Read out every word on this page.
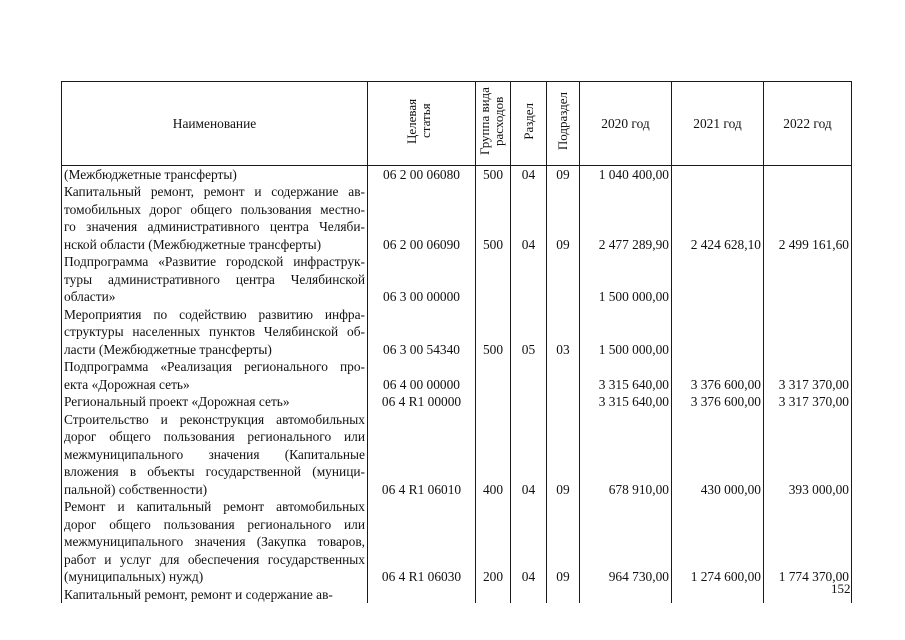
Наименование	Целевая статья	Группа вида расходов	Раздел	Подраздел	2020 год	2021 год	2022 год

(Межбюджетные трансферты)	06 2 00 06080	500	04	09	1 040 400,00		

Капитальный ремонт, ремонт и содержание ав-
томобильных дорог общего пользования местно-
го значения административного центра Челяби-
нской области (Межбюджетные трансферты)	06 2 00 06090	500	04	09	2 477 289,90	2 424 628,10	2 499 161,60

Подпрограмма «Развитие городской инфраструк-
туры административного центра Челябинской
области»	06 3 00 00000				1 500 000,00		

Мероприятия по содействию развитию инфра-
структуры населенных пунктов Челябинской об-
ласти (Межбюджетные трансферты)	06 3 00 54340	500	05	03	1 500 000,00		

Подпрограмма «Реализация регионального про-
екта «Дорожная сеть»	06 4 00 00000				3 315 640,00	3 376 600,00	3 317 370,00

Региональный проект «Дорожная сеть»	06 4 R1 00000				3 315 640,00	3 376 600,00	3 317 370,00

Строительство и реконструкция автомобильных
дорог общего пользования регионального или
межмуниципального значения (Капитальные
вложения в объекты государственной (муници-
пальной) собственности)	06 4 R1 06010	400	04	09	678 910,00	430 000,00	393 000,00

Ремонт и капитальный ремонт автомобильных
дорог общего пользования регионального или
межмуниципального значения (Закупка товаров,
работ и услуг для обеспечения государственных
(муниципальных) нужд)	06 4 R1 06030	200	04	09	964 730,00	1 274 600,00	1 774 370,00

Капитальный ремонт, ремонт и содержание ав-							
								152
